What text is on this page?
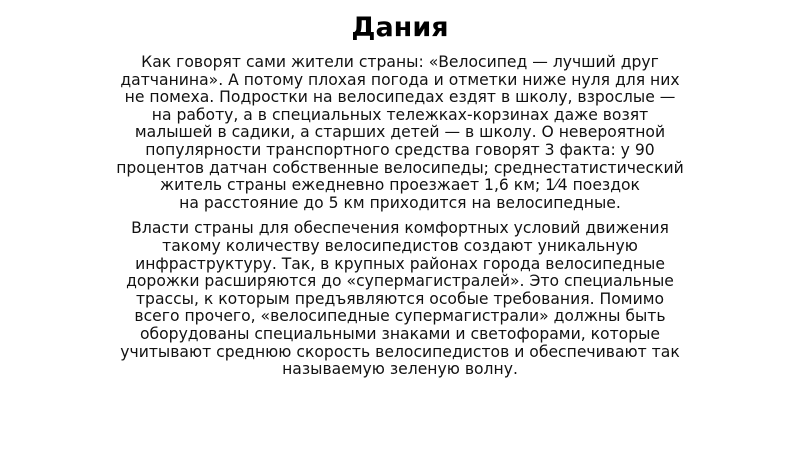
Дания

Как говорят сами жители страны: «Велосипед — лучший друг
датчанина». А потому плохая погода и отметки ниже нуля для них
не помеха. Подростки на велосипедах ездят в школу, взрослые —
на работу, а в специальных тележках-корзинах даже возят
малышей в садики, а старших детей — в школу. О невероятной
популярности транспортного средства говорят 3 факта: у 90
процентов датчан собственные велосипеды; среднестатистический
житель страны ежедневно проезжает 1,6 км; 1⁄4 поездок
на расстояние до 5 км приходится на велосипедные.

Власти страны для обеспечения комфортных условий движения
такому количеству велосипедистов создают уникальную
инфраструктуру. Так, в крупных районах города велосипедные
дорожки расширяются до «супермагистралей». Это специальные
трассы, к которым предъявляются особые требования. Помимо
всего прочего, «велосипедные супермагистрали» должны быть
оборудованы специальными знаками и светофорами, которые
учитывают среднюю скорость велосипедистов и обеспечивают так
называемую зеленую волну.
